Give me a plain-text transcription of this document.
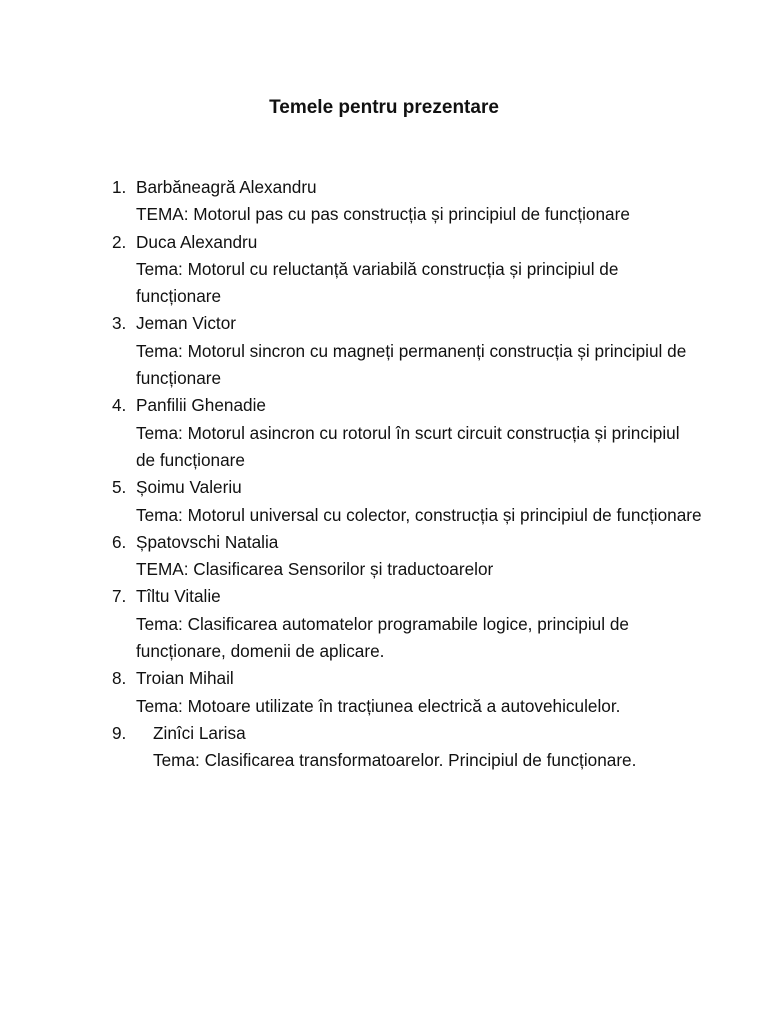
Temele pentru prezentare
1. Barbăneagră Alexandru

TEMA: Motorul pas cu pas construcția și principiul de funcționare

2. Duca Alexandru

Tema: Motorul cu reluctanță variabilă construcția și principiul de funcționare

3. Jeman Victor

Tema: Motorul sincron cu magneți permanenți construcția și principiul de funcționare

4. Panfilii Ghenadie

Tema: Motorul asincron cu rotorul în scurt circuit construcția și principiul de funcționare

5. Șoimu Valeriu

Tema: Motorul universal cu colector, construcția și principiul de funcționare

6. Șpatovschi Natalia

TEMA: Clasificarea Sensorilor și traductoarelor

7. Tîltu Vitalie

Tema: Clasificarea automatelor programabile logice, principiul de funcționare, domenii de aplicare.

8. Troian Mihail

Tema: Motoare utilizate în tracțiunea electrică a autovehiculelor.

9. Zinîci Larisa

Tema: Clasificarea transformatoarelor. Principiul de funcționare.
